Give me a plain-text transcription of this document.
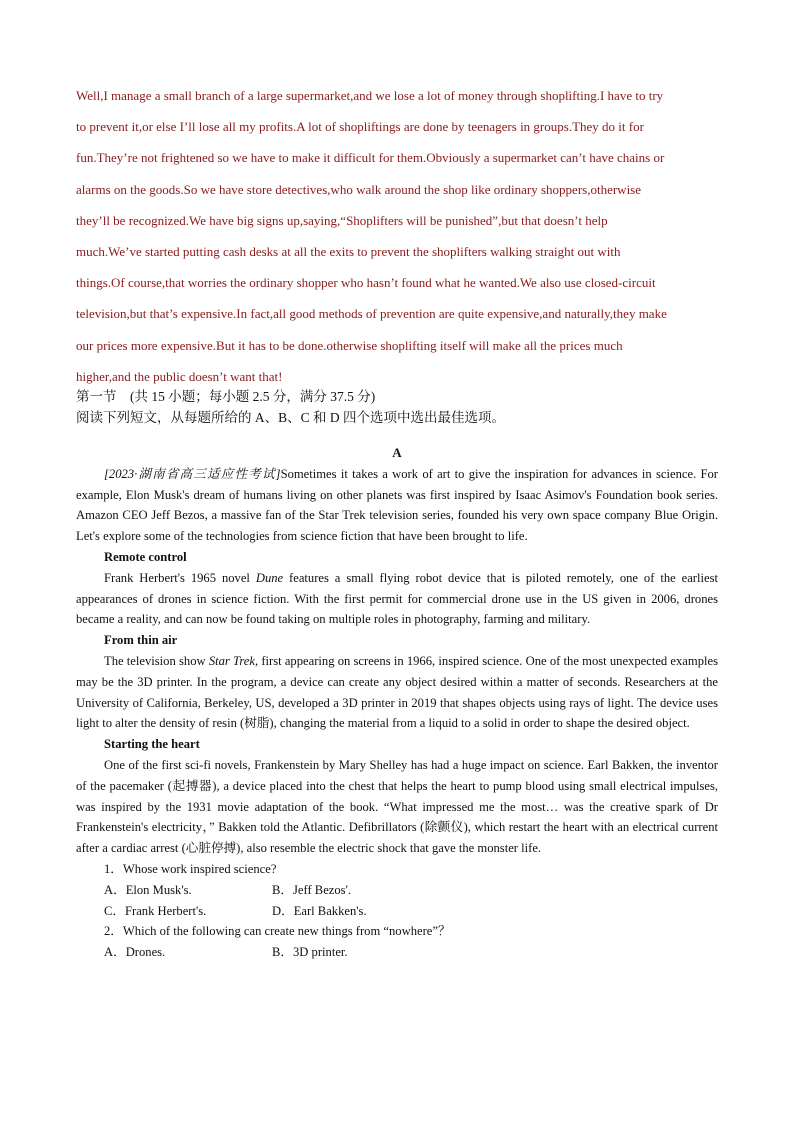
Well,I manage a small branch of a large supermarket,and we lose a lot of money through shoplifting.I have to try
to prevent it,or else I’ll lose all my profits.A lot of shopliftings are done by teenagers in groups.They do it for
fun.They’re not frightened so we have to make it difficult for them.Obviously a supermarket can’t have chains or
alarms on the goods.So we have store detectives,who walk around the shop like ordinary shoppers,otherwise
they’ll be recognized.We have big signs up,saying,“Shoplifters will be punished”,but that doesn’t help
much.We’ve started putting cash desks at all the exits to prevent the shoplifters walking straight out with
things.Of course,that worries the ordinary shopper who hasn’t found what he wanted.We also use closed-circuit
television,but that’s expensive.In fact,all good methods of prevention are quite expensive,and naturally,they make
our prices more expensive.But it has to be done.otherwise shoplifting itself will make all the prices much
higher,and the public doesn’t want that!
第一节　(共 15 小题；每小题 2.5 分，满分 37.5 分)
阅读下列短文，从每题所给的 A、B、C 和 D 四个选项中选出最佳选项。
A

[2023·湖南省高三适应性考试]Sometimes it takes a work of art to give the inspiration for advances in science. For example, Elon Musk's dream of humans living on other planets was first inspired by Isaac Asimov's Foundation book series. Amazon CEO Jeff Bezos, a massive fan of the Star Trek television series, founded his very own space company Blue Origin. Let's explore some of the technologies from science fiction that have been brought to life.

Remote control

Frank Herbert's 1965 novel Dune features a small flying robot device that is piloted remotely, one of the earliest appearances of drones in science fiction. With the first permit for commercial drone use in the US given in 2006, drones became a reality, and can now be found taking on multiple roles in photography, farming and military.

From thin air

The television show Star Trek, first appearing on screens in 1966, inspired science. One of the most unexpected examples may be the 3D printer. In the program, a device can create any object desired within a matter of seconds. Researchers at the University of California, Berkeley, US, developed a 3D printer in 2019 that shapes objects using rays of light. The device uses light to alter the density of resin (树脂), changing the material from a liquid to a solid in order to shape the desired object.

Starting the heart

One of the first sci-fi novels, Frankenstein by Mary Shelley has had a huge impact on science. Earl Bakken, the inventor of the pacemaker (起搏器), a device placed into the chest that helps the heart to pump blood using small electrical impulses, was inspired by the 1931 movie adaptation of the book. “What impressed me the most… was the creative spark of Dr Frankenstein's electricity，” Bakken told the Atlantic. Defibrillators (除颤仪), which restart the heart with an electrical current after a cardiac arrest (心脏停搏), also resemble the electric shock that gave the monster life.

1．Whose work inspired science?
A．Elon Musk's.	B．Jeff Bezos'.
C．Frank Herbert's.	D．Earl Bakken's.
2．Which of the following can create new things from “nowhere”？
A．Drones.	B．3D printer.
